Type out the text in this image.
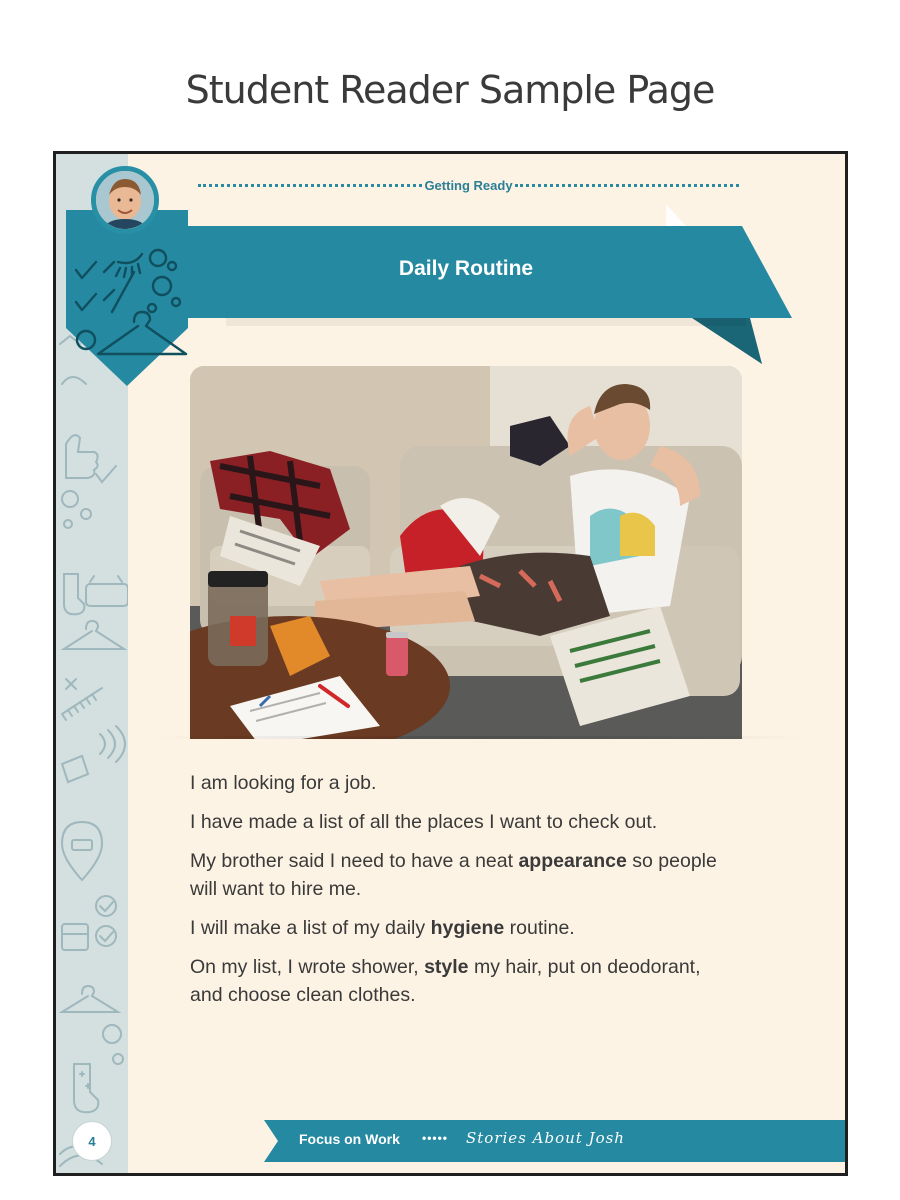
Student Reader Sample Page
Getting Ready
Daily Routine

I am looking for a job.

I have made a list of all the places I want to check out.

My brother said I need to have a neat appearance so people will want to hire me.

I will make a list of my daily hygiene routine.

On my list, I wrote shower, style my hair, put on deodorant, and choose clean clothes.

Focus on Work ••••• Stories About Josh
4
